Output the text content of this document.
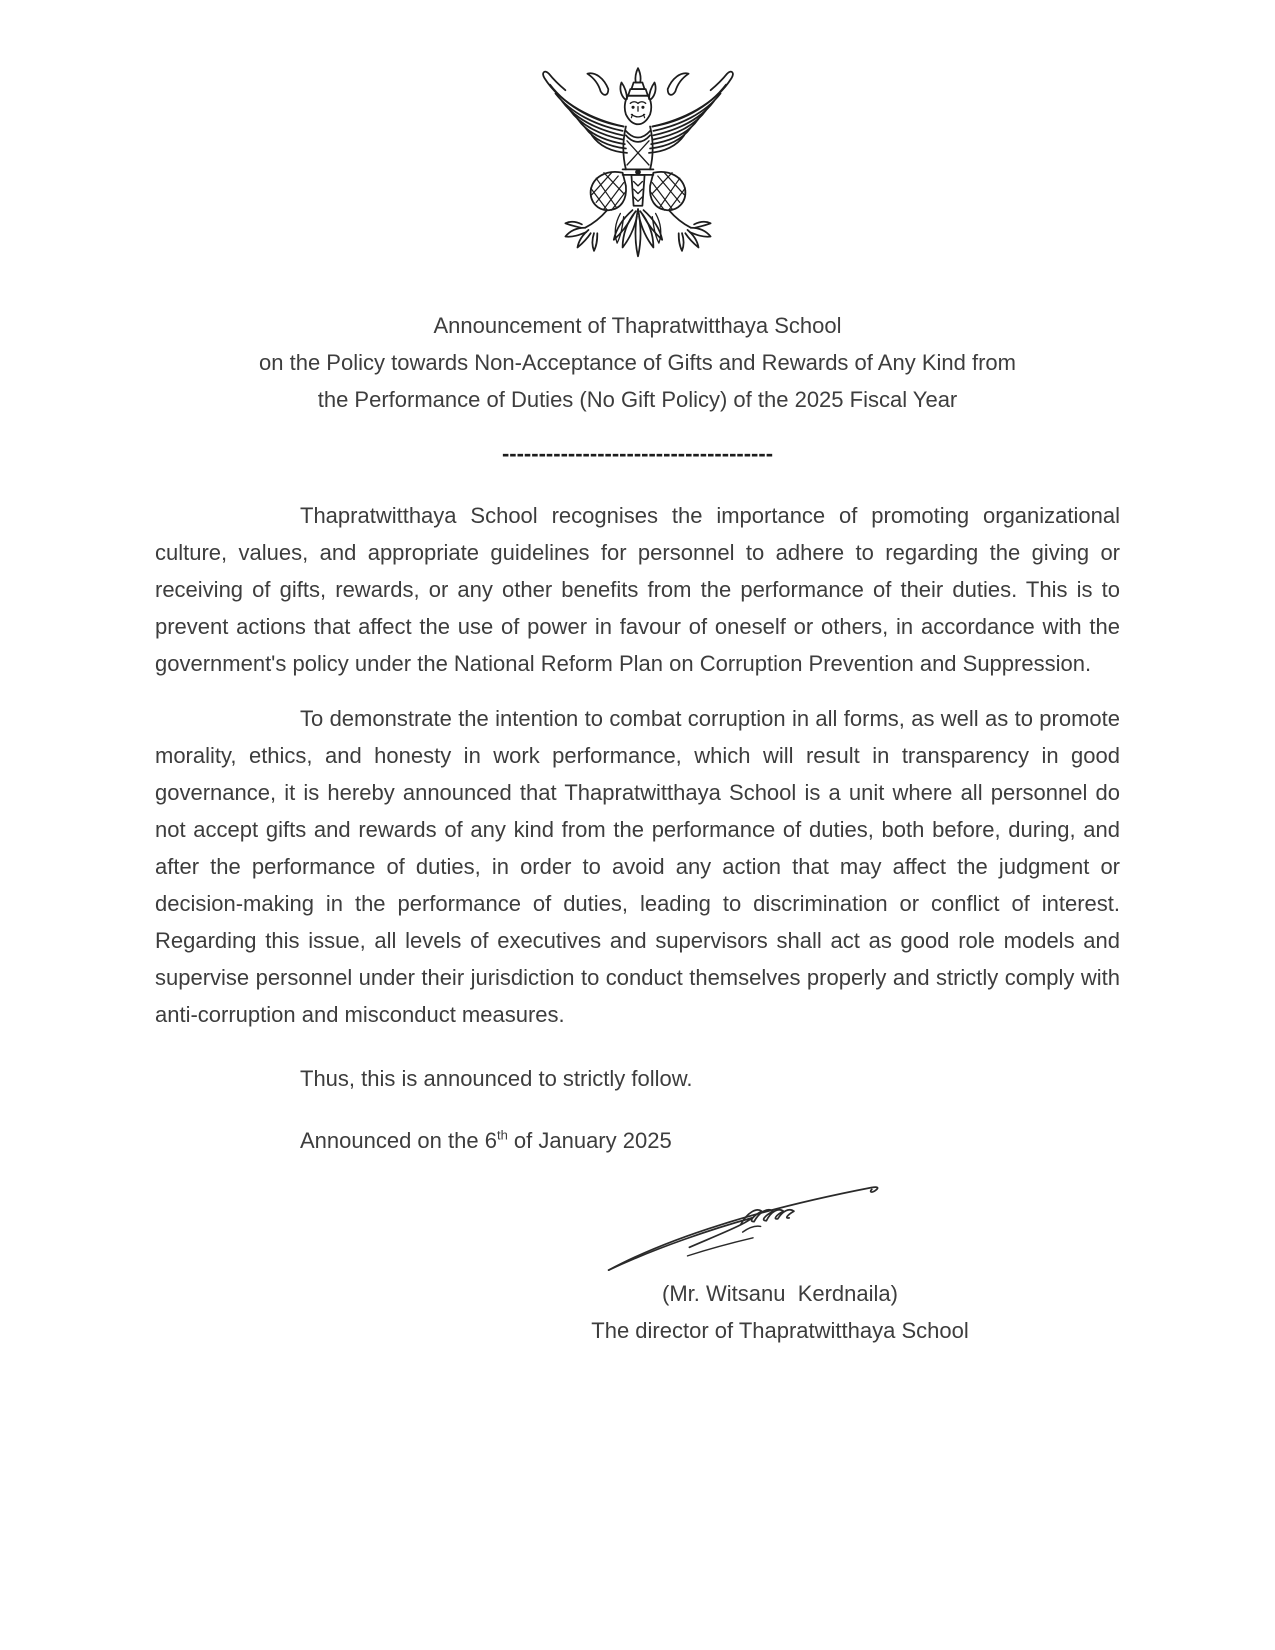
Announcement of Thapratwitthaya School
on the Policy towards Non-Acceptance of Gifts and Rewards of Any Kind from
the Performance of Duties (No Gift Policy) of the 2025 Fiscal Year
-------------------------------------

Thapratwitthaya School recognises the importance of promoting organizational culture, values, and appropriate guidelines for personnel to adhere to regarding the giving or receiving of gifts, rewards, or any other benefits from the performance of their duties. This is to prevent actions that affect the use of power in favour of oneself or others, in accordance with the government's policy under the National Reform Plan on Corruption Prevention and Suppression.

To demonstrate the intention to combat corruption in all forms, as well as to promote morality, ethics, and honesty in work performance, which will result in transparency in good governance, it is hereby announced that Thapratwitthaya School is a unit where all personnel do not accept gifts and rewards of any kind from the performance of duties, both before, during, and after the performance of duties, in order to avoid any action that may affect the judgment or decision-making in the performance of duties, leading to discrimination or conflict of interest. Regarding this issue, all levels of executives and supervisors shall act as good role models and supervise personnel under their jurisdiction to conduct themselves properly and strictly comply with anti-corruption and misconduct measures.

Thus, this is announced to strictly follow.

Announced on the 6th of January 2025

(Mr. Witsanu  Kerdnaila)
The director of Thapratwitthaya School
